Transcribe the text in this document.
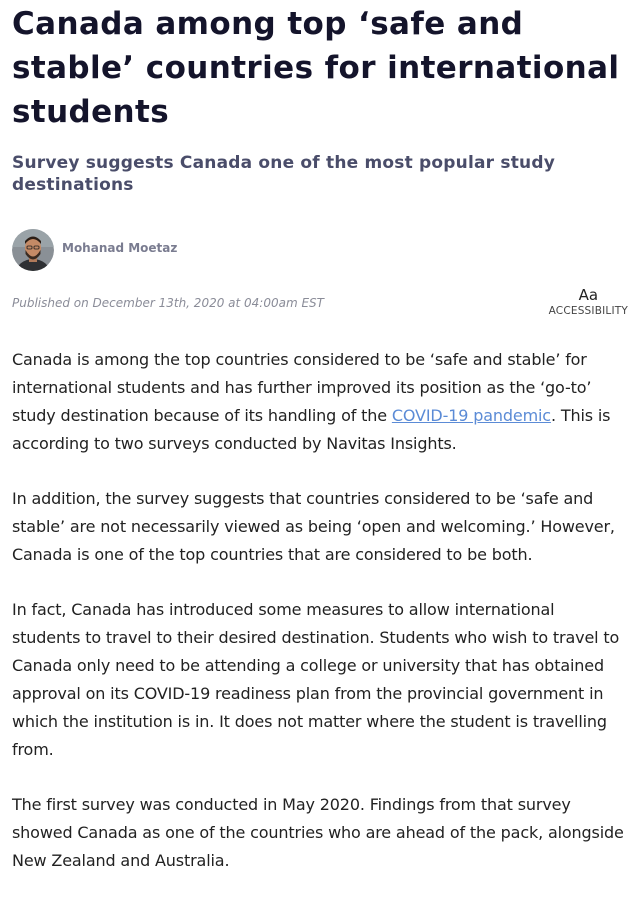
Canada among top ‘safe and stable’ countries for international students
Survey suggests Canada one of the most popular study destinations
Mohanad Moetaz
Published on December 13th, 2020 at 04:00am EST	Aa
ACCESSIBILITY

Canada is among the top countries considered to be ‘safe and stable’ for international students and has further improved its position as the ‘go-to’ study destination because of its handling of the COVID-19 pandemic. This is according to two surveys conducted by Navitas Insights.

In addition, the survey suggests that countries considered to be ‘safe and stable’ are not necessarily viewed as being ‘open and welcoming.’ However, Canada is one of the top countries that are considered to be both.

In fact, Canada has introduced some measures to allow international students to travel to their desired destination. Students who wish to travel to Canada only need to be attending a college or university that has obtained approval on its COVID-19 readiness plan from the provincial government in which the institution is in. It does not matter where the student is travelling from.

The first survey was conducted in May 2020. Findings from that survey showed Canada as one of the countries who are ahead of the pack, alongside New Zealand and Australia.
